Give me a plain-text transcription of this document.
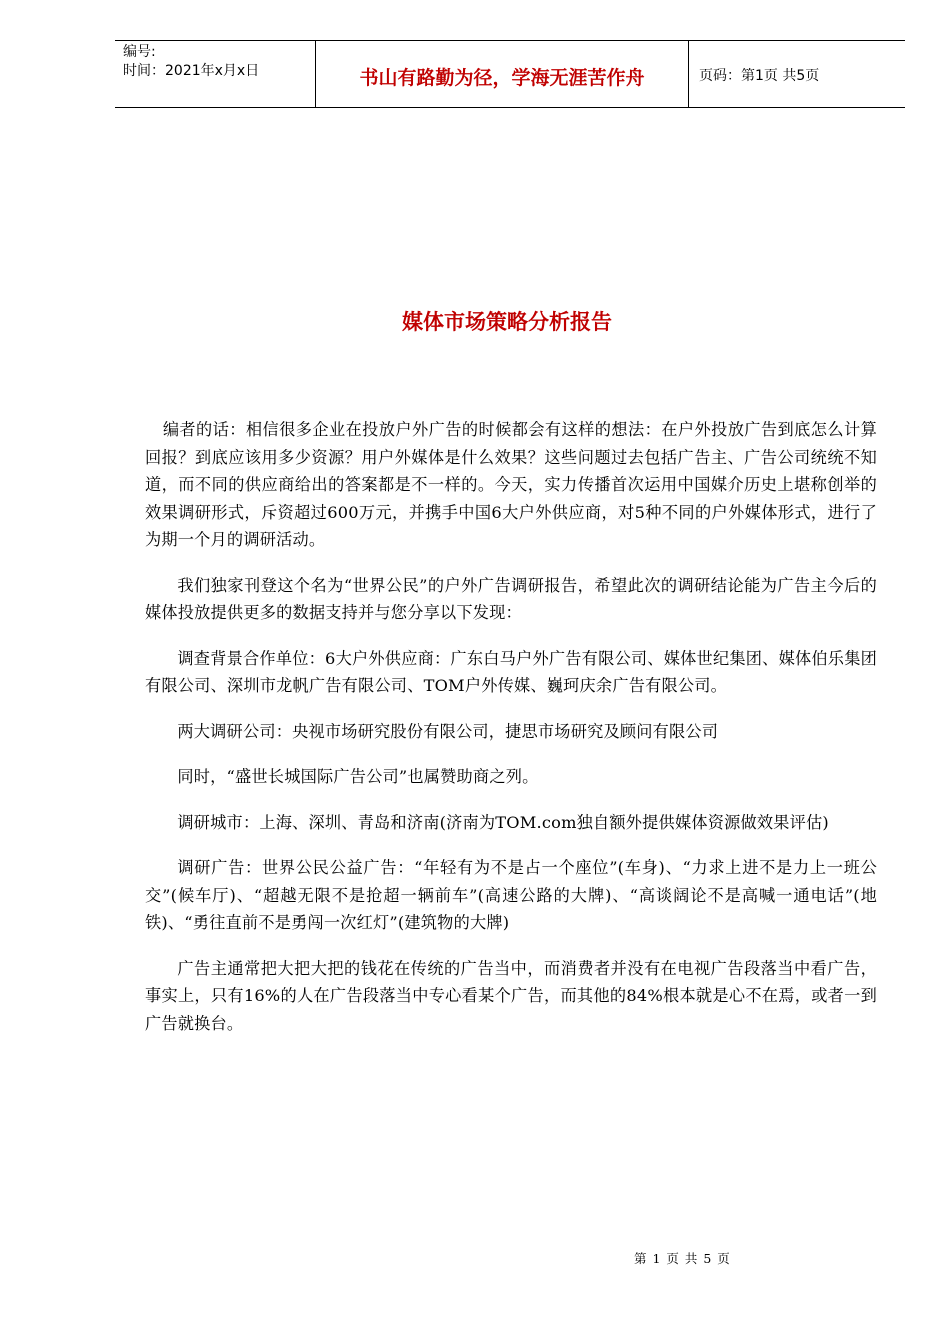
编号:
时间：2021年x月x日	书山有路勤为径，学海无涯苦作舟	页码：第1页 共5页
媒体市场策略分析报告

编者的话：相信很多企业在投放户外广告的时候都会有这样的想法：在户外投放广告到底怎么计算回报？到底应该用多少资源？用户外媒体是什么效果？这些问题过去包括广告主、广告公司统统不知道，而不同的供应商给出的答案都是不一样的。今天，实力传播首次运用中国媒介历史上堪称创举的效果调研形式，斥资超过600万元，并携手中国6大户外供应商，对5种不同的户外媒体形式，进行了为期一个月的调研活动。

我们独家刊登这个名为“世界公民”的户外广告调研报告，希望此次的调研结论能为广告主今后的媒体投放提供更多的数据支持并与您分享以下发现：

调查背景合作单位：6大户外供应商：广东白马户外广告有限公司、媒体世纪集团、媒体伯乐集团有限公司、深圳市龙帆广告有限公司、TOM户外传媒、巍珂庆余广告有限公司。

两大调研公司：央视市场研究股份有限公司，捷思市场研究及顾问有限公司

同时，“盛世长城国际广告公司”也属赞助商之列。

调研城市：上海、深圳、青岛和济南(济南为TOM.com独自额外提供媒体资源做效果评估)

调研广告：世界公民公益广告：“年轻有为不是占一个座位”(车身)、“力求上进不是力上一班公交”(候车厅)、“超越无限不是抢超一辆前车”(高速公路的大牌)、“高谈阔论不是高喊一通电话”(地铁)、“勇往直前不是勇闯一次红灯”(建筑物的大牌)

广告主通常把大把大把的钱花在传统的广告当中，而消费者并没有在电视广告段落当中看广告，事实上，只有16%的人在广告段落当中专心看某个广告，而其他的84%根本就是心不在焉，或者一到广告就换台。

第 1 页 共 5 页
